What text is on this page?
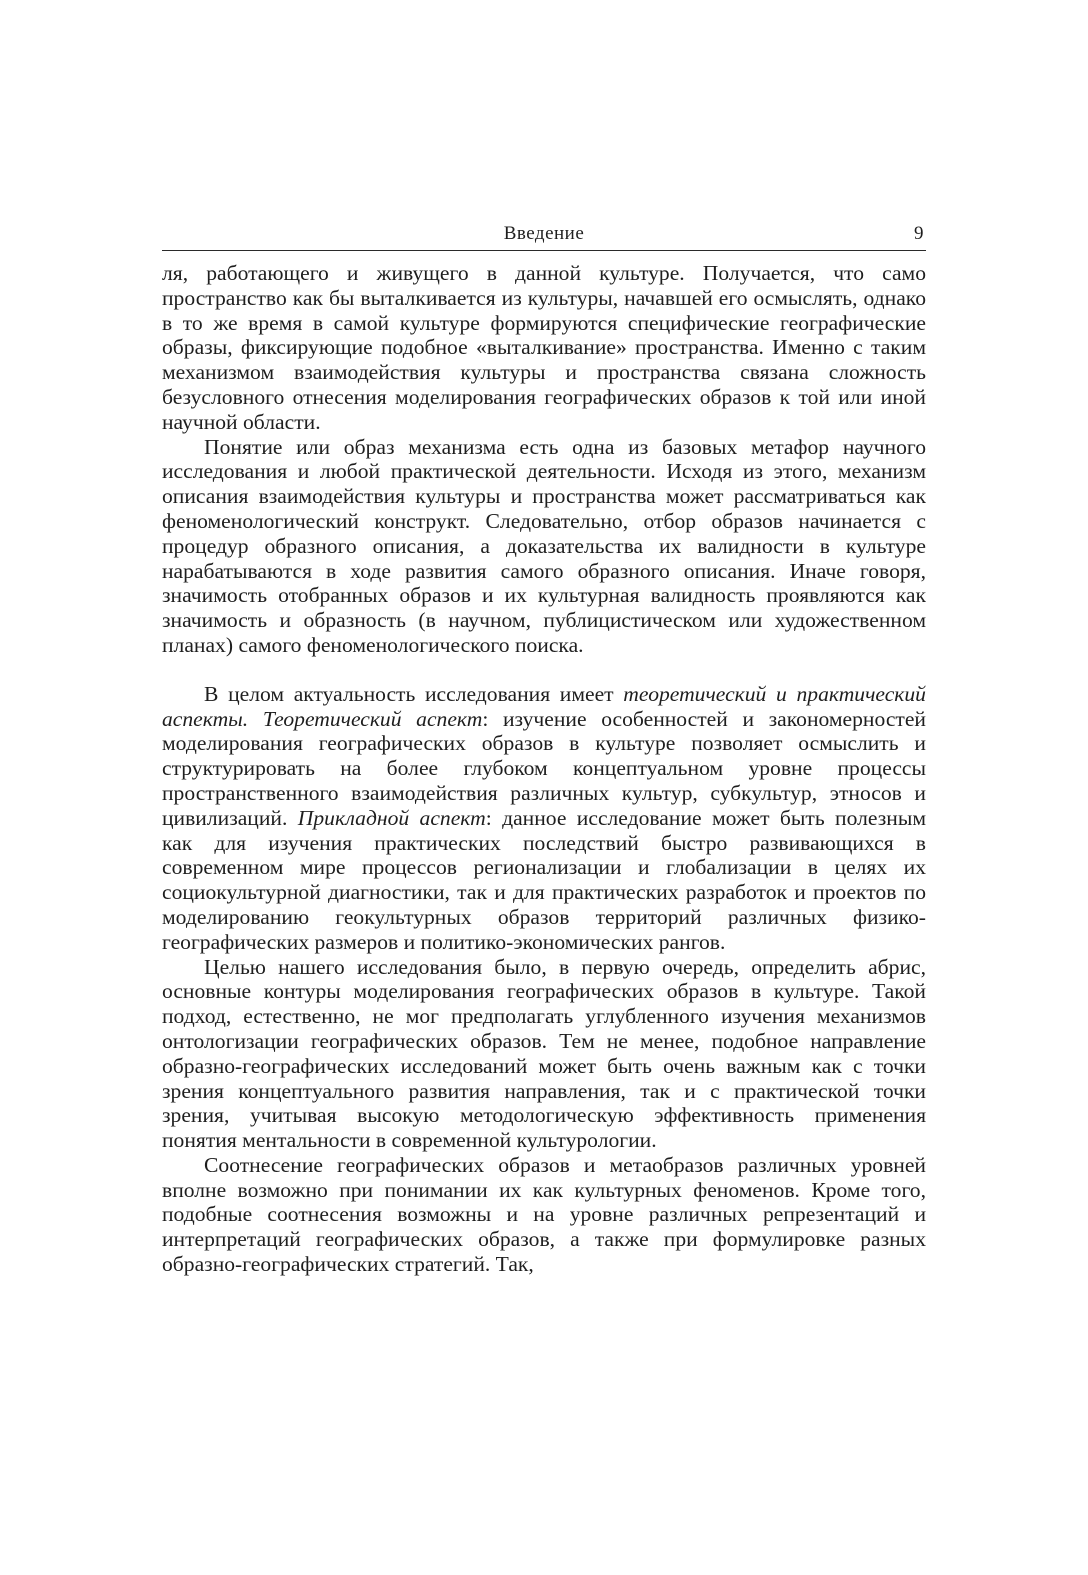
Введение	9

ля, работающего и живущего в данной культуре. Получается, что само пространство как бы выталкивается из культуры, начавшей его осмыслять, однако в то же время в самой культуре формируются специфические географические образы, фиксирующие подобное «выталкивание» пространства. Именно с таким механизмом взаимодействия культуры и пространства связана сложность безусловного отнесения моделирования географических образов к той или иной научной области.

Понятие или образ механизма есть одна из базовых метафор научного исследования и любой практической деятельности. Исходя из этого, механизм описания взаимодействия культуры и пространства может рассматриваться как феноменологический конструкт. Следовательно, отбор образов начинается с процедур образного описания, а доказательства их валидности в культуре нарабатываются в ходе развития самого образного описания. Иначе говоря, значимость отобранных образов и их культурная валидность проявляются как значимость и образность (в научном, публицистическом или художественном планах) самого феноменологического поиска.

В целом актуальность исследования имеет теоретический и практический аспекты. Теоретический аспект: изучение особенностей и закономерностей моделирования географических образов в культуре позволяет осмыслить и структурировать на более глубоком концептуальном уровне процессы пространственного взаимодействия различных культур, субкультур, этносов и цивилизаций. Прикладной аспект: данное исследование может быть полезным как для изучения практических последствий быстро развивающихся в современном мире процессов регионализации и глобализации в целях их социокультурной диагностики, так и для практических разработок и проектов по моделированию геокультурных образов территорий различных физико-географических размеров и политико-экономических рангов.

Целью нашего исследования было, в первую очередь, определить абрис, основные контуры моделирования географических образов в культуре. Такой подход, естественно, не мог предполагать углубленного изучения механизмов онтологизации географических образов. Тем не менее, подобное направление образно-географических исследований может быть очень важным как с точки зрения концептуального развития направления, так и с практической точки зрения, учитывая высокую методологическую эффективность применения понятия ментальности в современной культурологии.

Соотнесение географических образов и метаобразов различных уровней вполне возможно при понимании их как культурных феноменов. Кроме того, подобные соотнесения возможны и на уровне различных репрезентаций и интерпретаций географических образов, а также при формулировке разных образно-географических стратегий. Так,
